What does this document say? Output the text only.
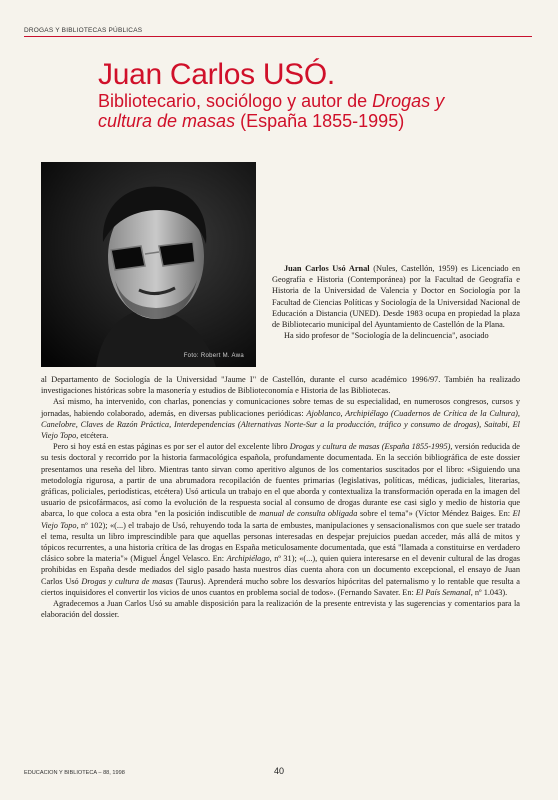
DROGAS Y BIBLIOTECAS PÚBLICAS
Juan Carlos USÓ.
Bibliotecario, sociólogo y autor de Drogas y
cultura de masas (España 1855-1995)
Foto: Robert M. Awa

Juan Carlos Usó Arnal (Nules, Castellón, 1959) es Licenciado en Geografía e Historia (Contemporánea) por la Facultad de Geografía e Historia de la Universidad de Valencia y Doctor en Sociología por la Facultad de Ciencias Políticas y Sociología de la Universidad Nacional de Educación a Distancia (UNED). Desde 1983 ocupa en propiedad la plaza de Bibliotecario municipal del Ayuntamiento de Castellón de la Plana.

Ha sido profesor de "Sociología de la delincuencia", asociado

al Departamento de Sociología de la Universidad "Jaume I" de Castellón, durante el curso académico 1996/97. También ha realizado investigaciones históricas sobre la masonería y estudios de Biblioteconomía e Historia de las Bibliotecas.

Así mismo, ha intervenido, con charlas, ponencias y comunicaciones sobre temas de su especialidad, en numerosos congresos, cursos y jornadas, habiendo colaborado, además, en diversas publicaciones periódicas: Ajoblanco, Archipiélago (Cuadernos de Crítica de la Cultura), Canelobre, Claves de Razón Práctica, Interdependencias (Alternativas Norte-Sur a la producción, tráfico y consumo de drogas), Saitabi, El Viejo Topo, etcétera.

Pero si hoy está en estas páginas es por ser el autor del excelente libro Drogas y cultura de masas (España 1855-1995), versión reducida de su tesis doctoral y recorrido por la historia farmacológica española, profundamente documentada. En la sección bibliográfica de este dossier presentamos una reseña del libro. Mientras tanto sirvan como aperitivo algunos de los comentarios suscitados por el libro: «Siguiendo una metodología rigurosa, a partir de una abrumadora recopilación de fuentes primarias (legislativas, políticas, médicas, judiciales, literarias, gráficas, policiales, periodísticas, etcétera) Usó articula un trabajo en el que aborda y contextualiza la transformación operada en la imagen del usuario de psicofármacos, así como la evolución de la respuesta social al consumo de drogas durante ese casi siglo y medio de historia que abarca, lo que coloca a esta obra "en la posición indiscutible de manual de consulta obligada sobre el tema"» (Víctor Méndez Baiges. En: El Viejo Topo, nº 102); «(...) el trabajo de Usó, rehuyendo toda la sarta de embustes, manipulaciones y sensacionalismos con que suele ser tratado el tema, resulta un libro imprescindible para que aquellas personas interesadas en despejar prejuicios puedan acceder, más allá de mitos y tópicos recurrentes, a una historia crítica de las drogas en España meticulosamente documentada, que está "llamada a constituirse en verdadero clásico sobre la materia"» (Miguel Ángel Velasco. En: Archipiélago, nº 31); «(...), quien quiera interesarse en el devenir cultural de las drogas prohibidas en España desde mediados del siglo pasado hasta nuestros días cuenta ahora con un documento excepcional, el ensayo de Juan Carlos Usó Drogas y cultura de masas (Taurus). Aprenderá mucho sobre los desvaríos hipócritas del paternalismo y lo rentable que resulta a ciertos inquisidores el convertir los vicios de unos cuantos en problema social de todos». (Fernando Savater. En: El País Semanal, nº 1.043).

Agradecemos a Juan Carlos Usó su amable disposición para la realización de la presente entrevista y las sugerencias y comentarios para la elaboración del dossier.

EDUCACION Y BIBLIOTECA – 88, 1998	40
